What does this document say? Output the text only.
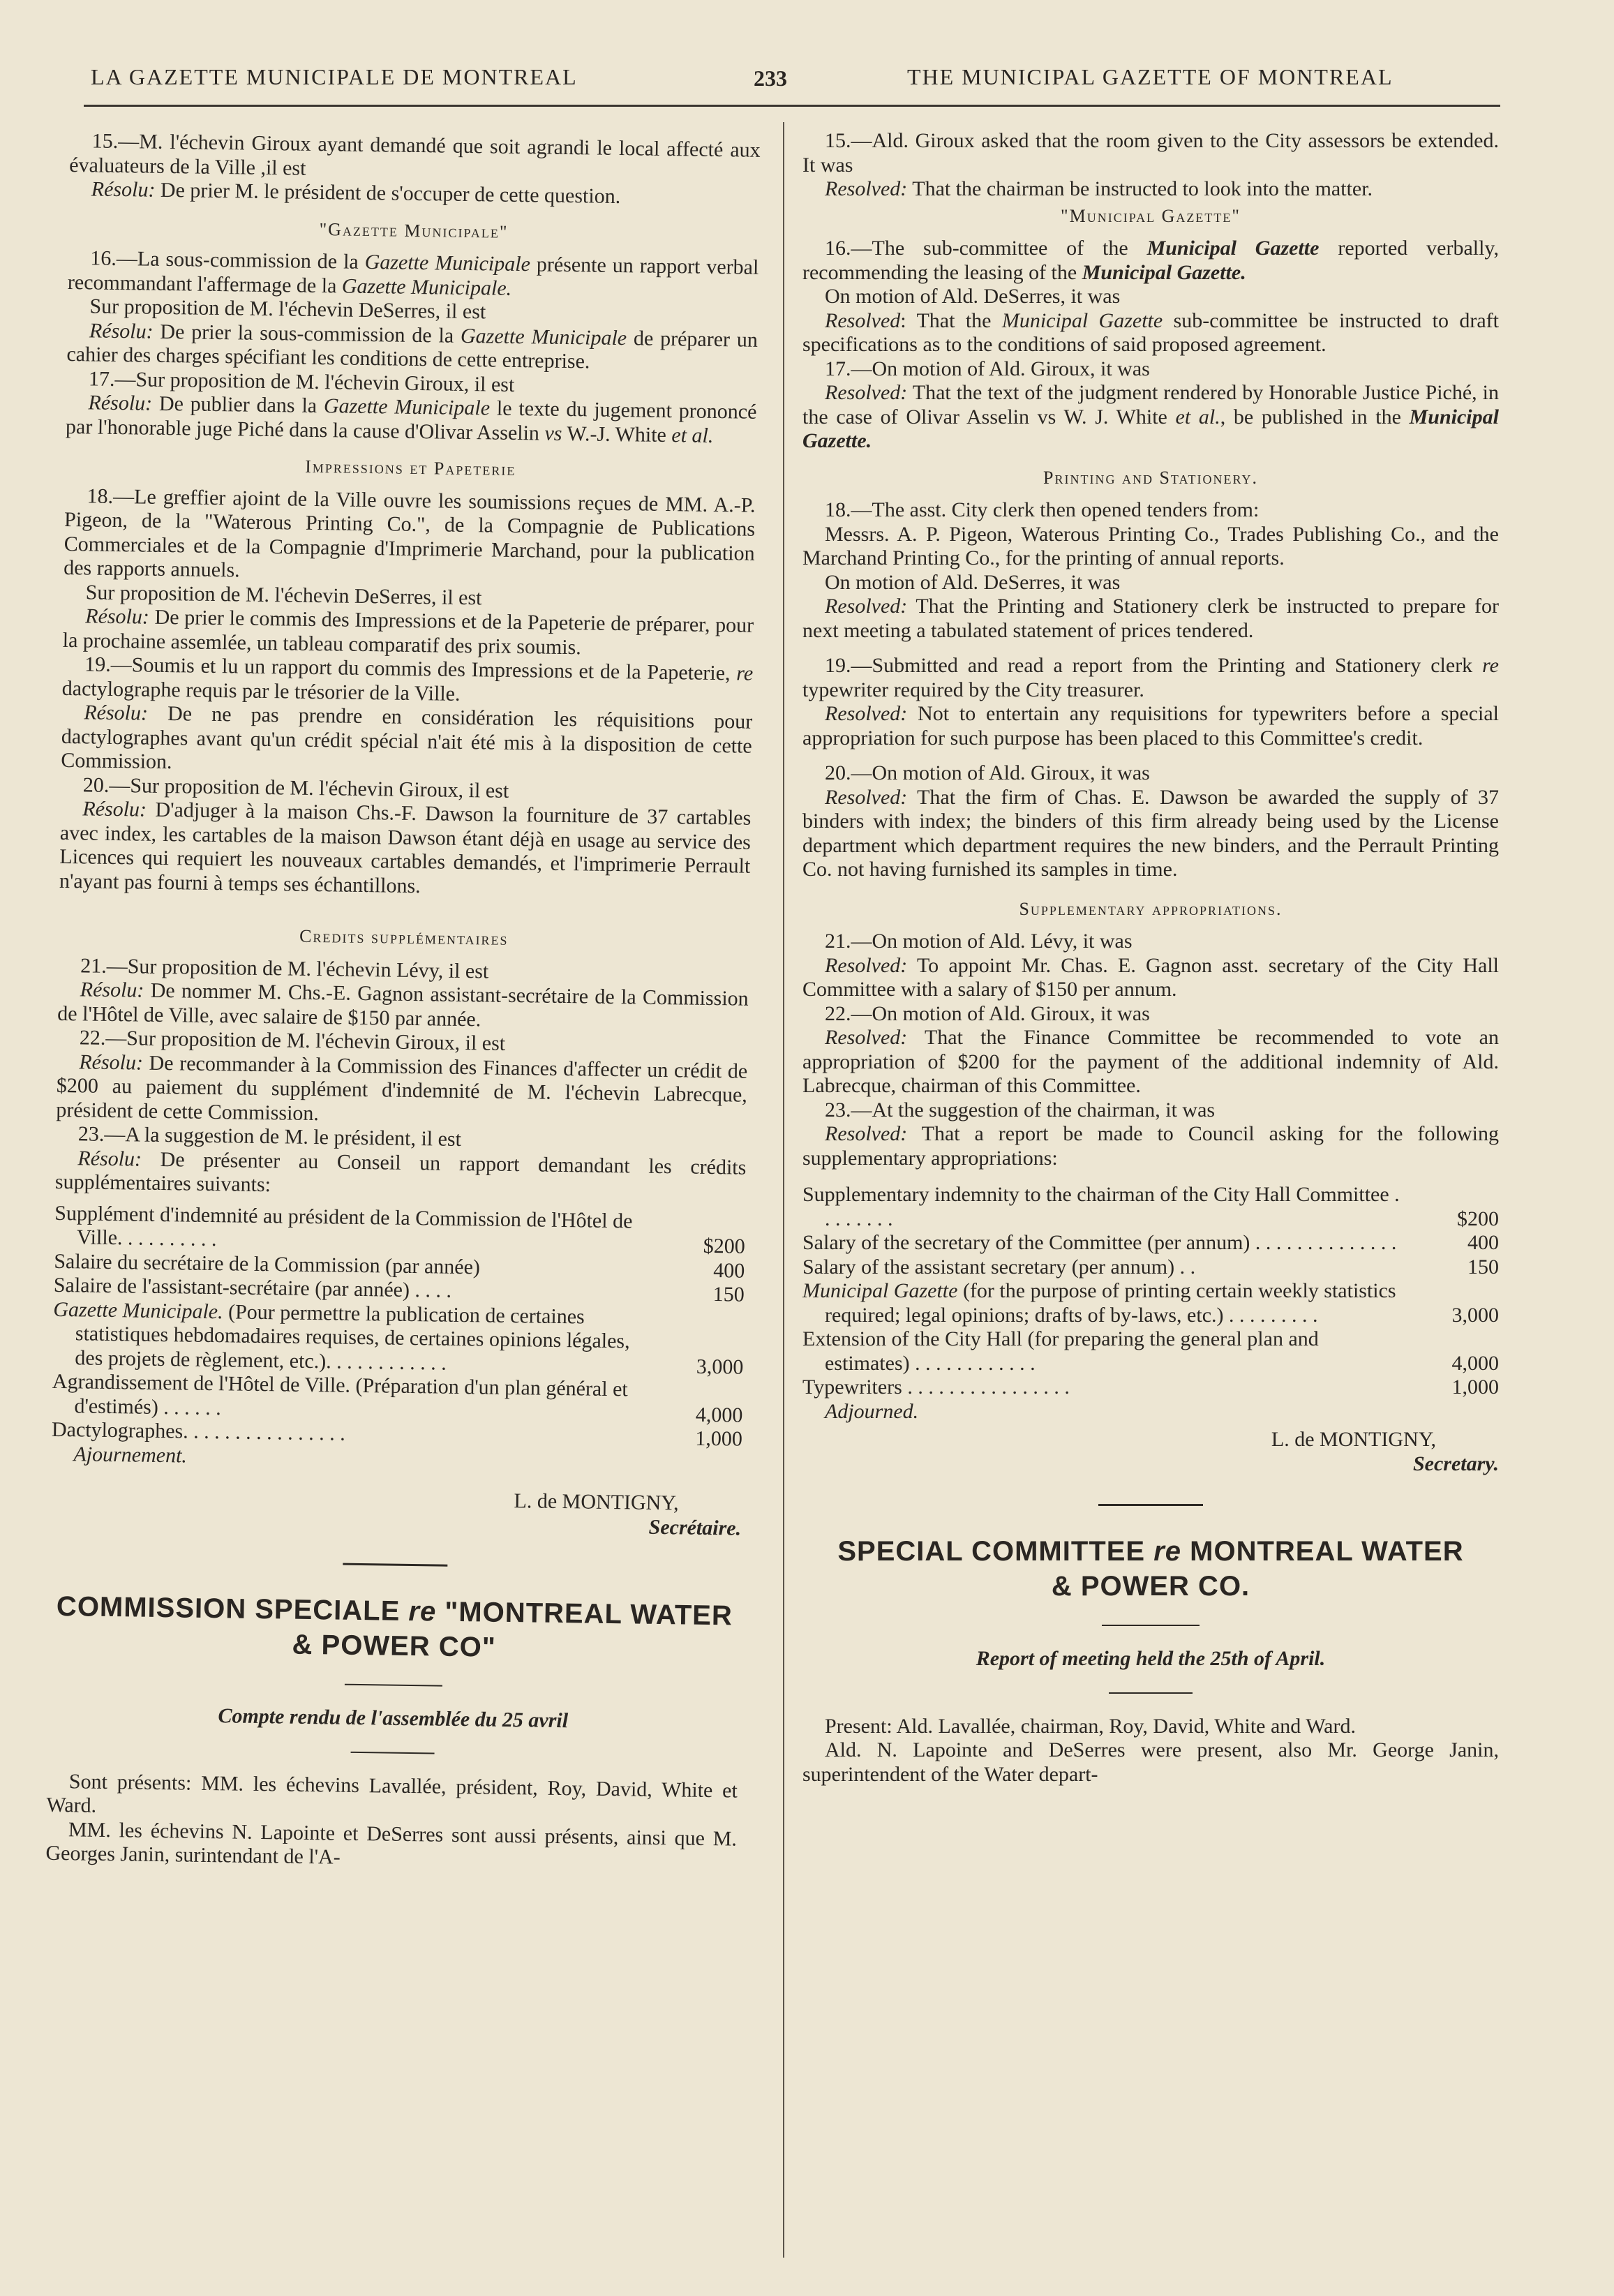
LA GAZETTE MUNICIPALE DE MONTREAL	233	THE MUNICIPAL GAZETTE OF MONTREAL

15.—M. l'échevin Giroux ayant demandé que soit agrandi le local affecté aux évaluateurs de la Ville ,il est

Résolu: De prier M. le président de s'occuper de cette question.

"Gazette Municipale"

16.—La sous-commission de la Gazette Municipale présente un rapport verbal recommandant l'affermage de la Gazette Municipale.

Sur proposition de M. l'échevin DeSerres, il est

Résolu: De prier la sous-commission de la Gazette Municipale de préparer un cahier des charges spécifiant les conditions de cette entreprise.

17.—Sur proposition de M. l'échevin Giroux, il est

Résolu: De publier dans la Gazette Municipale le texte du jugement prononcé par l'honorable juge Piché dans la cause d'Olivar Asselin vs W.-J. White et al.

Impressions et Papeterie

18.—Le greffier ajoint de la Ville ouvre les soumissions reçues de MM. A.-P. Pigeon, de la "Waterous Printing Co.", de la Compagnie de Publications Commerciales et de la Compagnie d'Imprimerie Marchand, pour la publication des rapports annuels.

Sur proposition de M. l'échevin DeSerres, il est

Résolu: De prier le commis des Impressions et de la Papeterie de préparer, pour la prochaine assemlée, un tableau comparatif des prix soumis.

19.—Soumis et lu un rapport du commis des Impressions et de la Papeterie, re dactylographe requis par le trésorier de la Ville.

Résolu: De ne pas prendre en considération les réquisitions pour dactylographes avant qu'un crédit spécial n'ait été mis à la disposition de cette Commission.

20.—Sur proposition de M. l'échevin Giroux, il est

Résolu: D'adjuger à la maison Chs.-F. Dawson la fourniture de 37 cartables avec index, les cartables de la maison Dawson étant déjà en usage au service des Licences qui requiert les nouveaux cartables demandés, et l'imprimerie Perrault n'ayant pas fourni à temps ses échantillons.

Credits supplémentaires

21.—Sur proposition de M. l'échevin Lévy, il est

Résolu: De nommer M. Chs.-E. Gagnon assistant-secrétaire de la Commission de l'Hôtel de Ville, avec salaire de $150 par année.

22.—Sur proposition de M. l'échevin Giroux, il est

Résolu: De recommander à la Commission des Finances d'affecter un crédit de $200 au paiement du supplément d'indemnité de M. l'échevin Labrecque, président de cette Commission.

23.—A la suggestion de M. le président, il est

Résolu: De présenter au Conseil un rapport demandant les crédits supplémentaires suivants:

Supplément d'indemnité au président de la Commission de l'Hôtel de Ville. . . . . . . . . .	$200
Salaire du secrétaire de la Commission (par année)	400
Salaire de l'assistant-secrétaire (par année) . . . .	150
Gazette Municipale. (Pour permettre la publication de certaines statistiques hebdomadaires requises, de certaines opinions légales, des projets de règlement, etc.). . . . . . . . . . . .	3,000
Agrandissement de l'Hôtel de Ville. (Préparation d'un plan général et d'estimés) . . . . . .	4,000
Dactylographes. . . . . . . . . . . . . . . .	1,000

Ajournement.

L. de MONTIGNY,
Secrétaire.
COMMISSION SPECIALE re "MONTREAL WATER
& POWER CO"
Compte rendu de l'assemblée du 25 avril

Sont présents: MM. les échevins Lavallée, président, Roy, David, White et Ward.

MM. les échevins N. Lapointe et DeSerres sont aussi présents, ainsi que M. Georges Janin, surintendant de l'A-

15.—Ald. Giroux asked that the room given to the City assessors be extended. It was

Resolved: That the chairman be instructed to look into the matter.

"Municipal Gazette"

16.—The sub-committee of the Municipal Gazette reported verbally, recommending the leasing of the Municipal Gazette.

On motion of Ald. DeSerres, it was

Resolved: That the Municipal Gazette sub-committee be instructed to draft specifications as to the conditions of said proposed agreement.

17.—On motion of Ald. Giroux, it was

Resolved: That the text of the judgment rendered by Honorable Justice Piché, in the case of Olivar Asselin vs W. J. White et al., be published in the Municipal Gazette.

Printing and Stationery.

18.—The asst. City clerk then opened tenders from:

Messrs. A. P. Pigeon, Waterous Printing Co., Trades Publishing Co., and the Marchand Printing Co., for the printing of annual reports.

On motion of Ald. DeSerres, it was

Resolved: That the Printing and Stationery clerk be instructed to prepare for next meeting a tabulated statement of prices tendered.

19.—Submitted and read a report from the Printing and Stationery clerk re typewriter required by the City treasurer.

Resolved: Not to entertain any requisitions for typewriters before a special appropriation for such purpose has been placed to this Committee's credit.

20.—On motion of Ald. Giroux, it was

Resolved: That the firm of Chas. E. Dawson be awarded the supply of 37 binders with index; the binders of this firm already being used by the License department which department requires the new binders, and the Perrault Printing Co. not having furnished its samples in time.

Supplementary appropriations.

21.—On motion of Ald. Lévy, it was

Resolved: To appoint Mr. Chas. E. Gagnon asst. secretary of the City Hall Committee with a salary of $150 per annum.

22.—On motion of Ald. Giroux, it was

Resolved: That the Finance Committee be recommended to vote an appropriation of $200 for the payment of the additional indemnity of Ald. Labrecque, chairman of this Committee.

23.—At the suggestion of the chairman, it was

Resolved: That a report be made to Council asking for the following supplementary appropriations:

Supplementary indemnity to the chairman of the City Hall Committee . . . . . . . .	$200
Salary of the secretary of the Committee (per annum) . . . . . . . . . . . . . .	400
Salary of the assistant secretary (per annum) . .	150
Municipal Gazette (for the purpose of printing certain weekly statistics required; legal opinions; drafts of by-laws, etc.) . . . . . . . . .	3,000
Extension of the City Hall (for preparing the general plan and estimates) . . . . . . . . . . . .	4,000
Typewriters . . . . . . . . . . . . . . . .	1,000

Adjourned.

L. de MONTIGNY,
Secretary.
SPECIAL COMMITTEE re MONTREAL WATER
& POWER CO.
Report of meeting held the 25th of April.

Present: Ald. Lavallée, chairman, Roy, David, White and Ward.

Ald. N. Lapointe and DeSerres were present, also Mr. George Janin, superintendent of the Water depart-
